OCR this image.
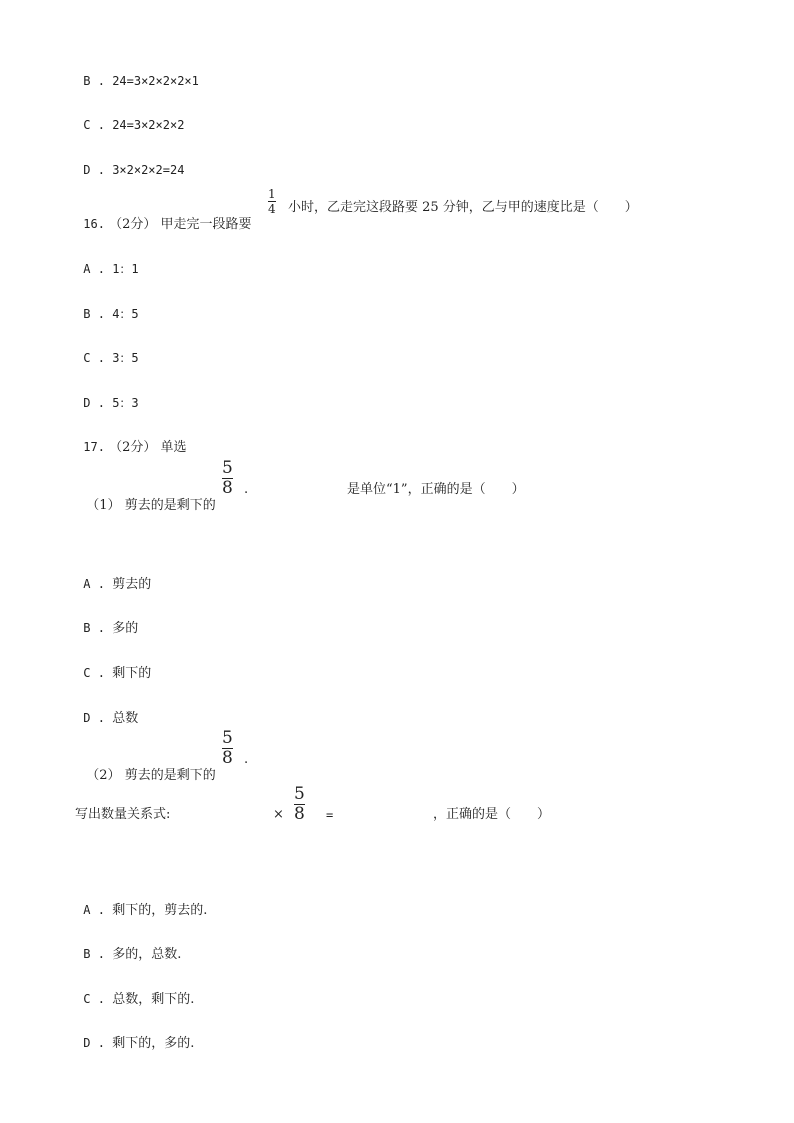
B . 24=3×2×2×2×1

C . 24=3×2×2×2

D . 3×2×2×2=24

16. （2分） 甲走完一段路要

1
4 小时，乙走完这段路要 25 分钟，乙与甲的速度比是（　　）

A . 1：1

B . 4：5

C . 3：5

D . 5：3

17. （2分） 单选

（1） 剪去的是剩下的

5
8 .	是单位“1”，正确的是（　　）

A . 剪去的

B . 多的

C . 剩下的

D . 总数

（2） 剪去的是剩下的

5
8 .
写出数量关系式:	×
5
8 =	，正确的是（　　）

A . 剩下的，剪去的.

B . 多的，总数.

C . 总数，剩下的.

D . 剩下的，多的.
